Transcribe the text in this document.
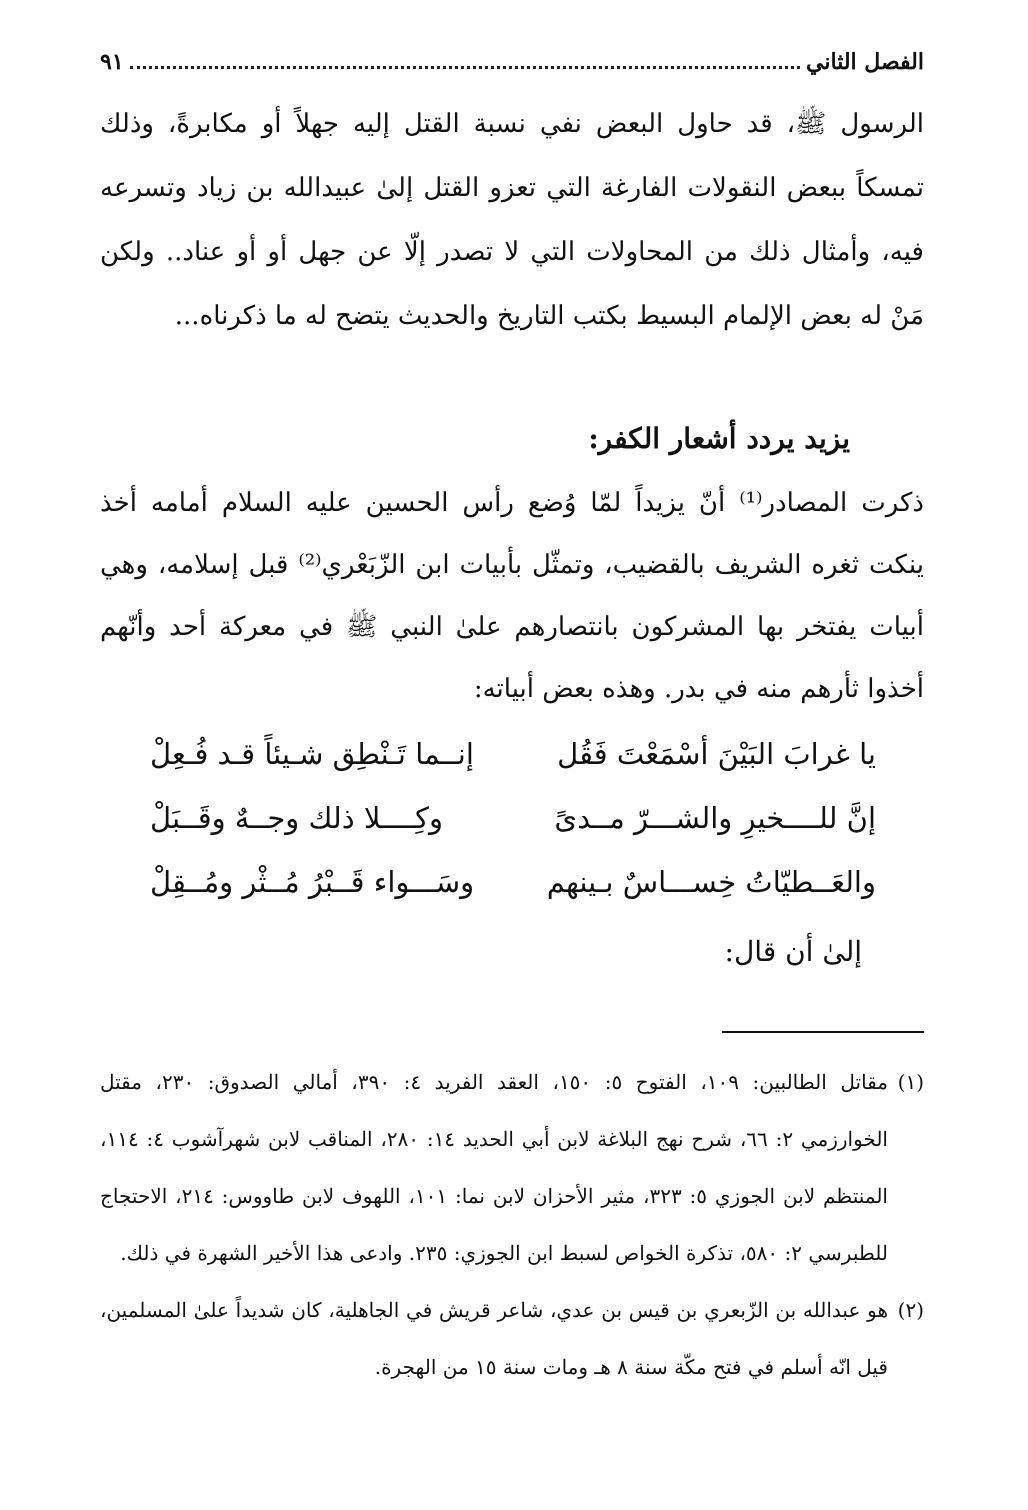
الفصل الثاني
٩١

الرسول ﷺ، قد حاول البعض نفي نسبة القتل إليه جهلاً أو مكابرةً، وذلك تمسكاً ببعض النقولات الفارغة التي تعزو القتل إلىٰ عبيدالله بن زياد وتسرعه فيه، وأمثال ذلك من المحاولات التي لا تصدر إلّا عن جهل أو أو عناد.. ولكن مَنْ له بعض الإلمام البسيط بكتب التاريخ والحديث يتضح له ما ذكرناه...

يزيد يردد أشعار الكفر:

ذكرت المصادر⁽¹⁾ أنّ يزيداً لمّا وُضع رأس الحسين عليه السلام أمامه أخذ ينكت ثغره الشريف بالقضيب، وتمثّل بأبيات ابن الزّبَعْري⁽²⁾ قبل إسلامه، وهي أبيات يفتخر بها المشركون بانتصارهم علىٰ النبي ﷺ في معركة أحد وأنّهم أخذوا ثأرهم منه في بدر. وهذه بعض أبياته:

يا غرابَ البَيْنَ أسْمَعْتَ فَقُل
إنــما تَـنْطِق شـيئاً قـد فُـعِلْ
إنَّ للــــخيرِ والشـــرّ مــدىً
وكِــــلا ذلك وجــهٌ وقَــبَلْ
والعَــطيّاتُ خِســـاسٌ بـينهم
وسَـــواء قَــبْرُ مُــثْر ومُــقِلْ
إلىٰ أن قال:
(١)
مقاتل الطالبين: ١٠٩، الفتوح ٥: ١٥٠، العقد الفريد ٤: ٣٩٠، أمالي الصدوق: ٢٣٠، مقتل الخوارزمي ٢: ٦٦، شرح نهج البلاغة لابن أبي الحديد ١٤: ٢٨٠، المناقب لابن شهرآشوب ٤: ١١٤، المنتظم لابن الجوزي ٥: ٣٢٣، مثير الأحزان لابن نما: ١٠١، اللهوف لابن طاووس: ٢١٤، الاحتجاج للطبرسي ٢: ٥٨٠، تذكرة الخواص لسبط ابن الجوزي: ٢٣٥. وادعى هذا الأخير الشهرة في ذلك.
(٢)
هو عبدالله بن الزّبعري بن قيس بن عدي، شاعر قريش في الجاهلية، كان شديداً علىٰ المسلمين، قيل انّه أسلم في فتح مكّة سنة ٨ هـ ومات سنة ١٥ من الهجرة.
